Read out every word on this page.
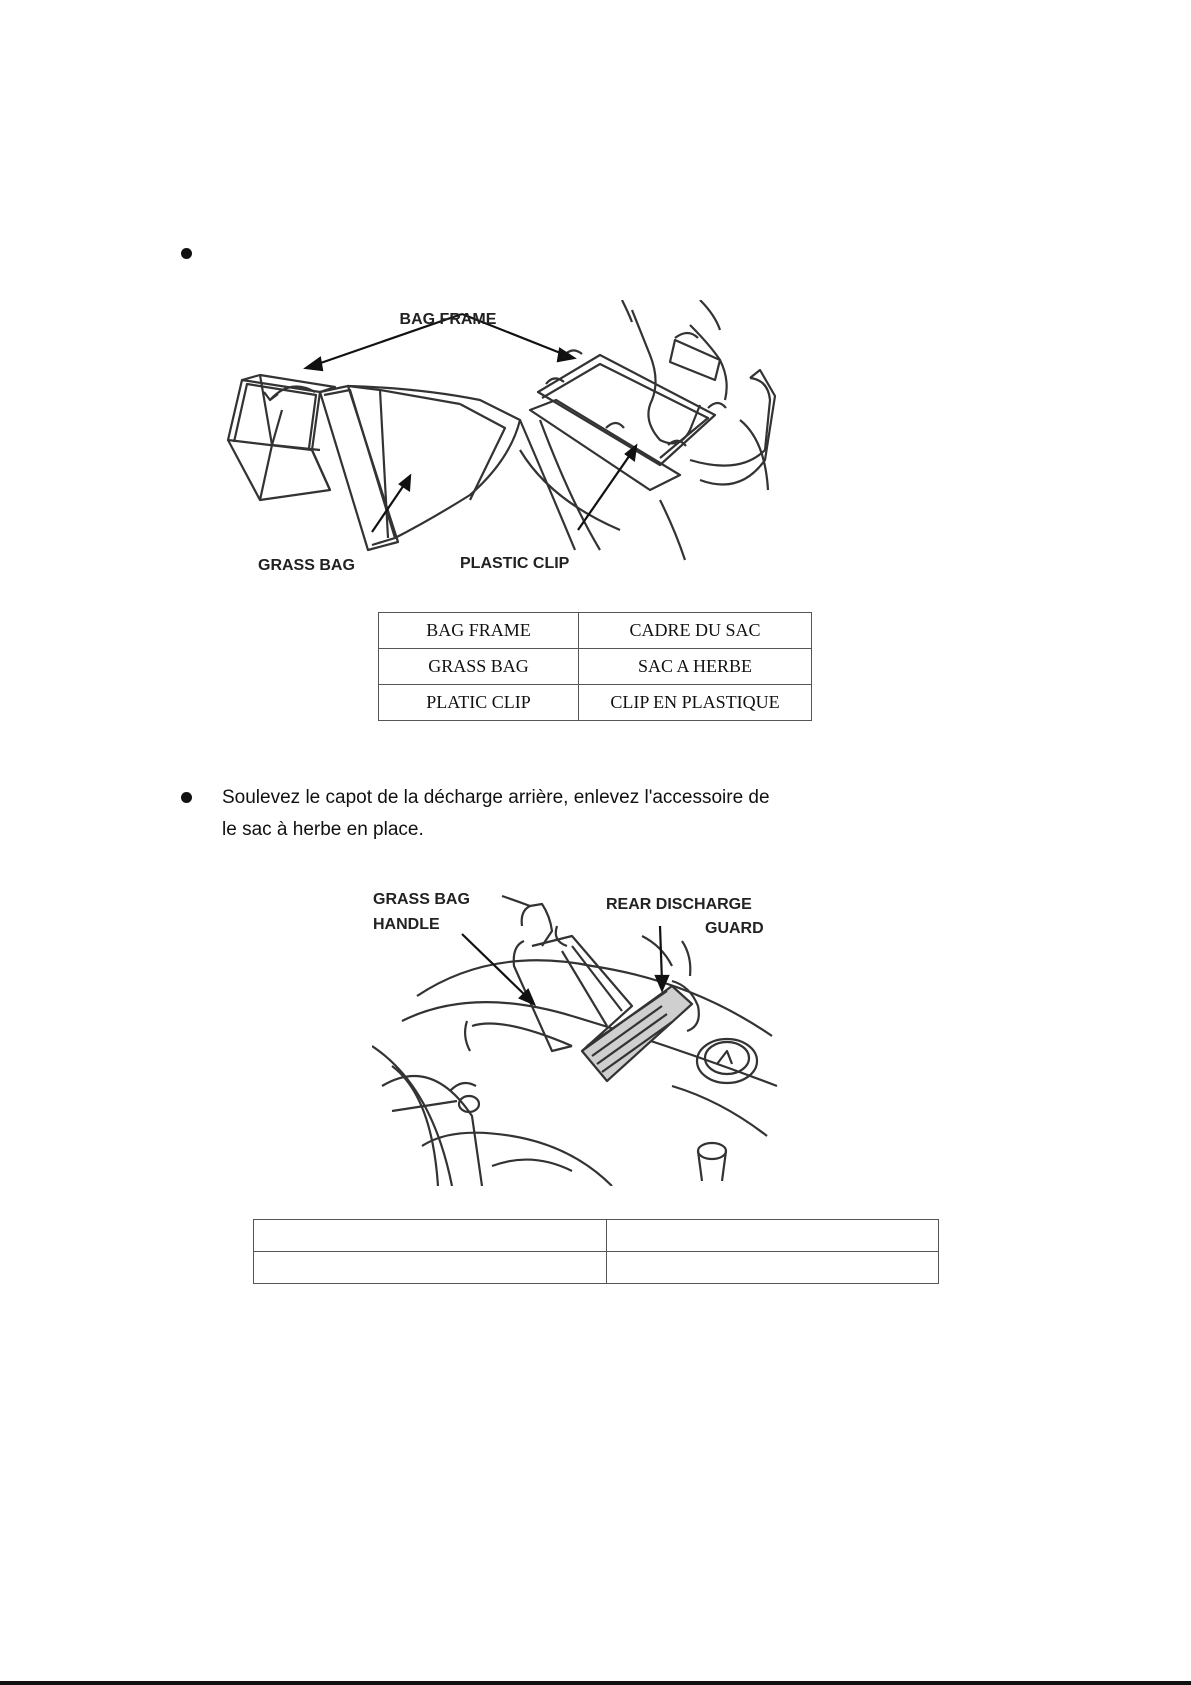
BAG FRAME
GRASS BAG	PLASTIC CLIP
BAG FRAME	CADRE DU SAC
GRASS BAG	SAC A HERBE
PLATIC CLIP	CLIP EN PLASTIQUE
Soulevez le capot de la décharge arrière, enlevez l'accessoire de
le sac à herbe en place.
GRASS BAG
HANDLE
REAR DISCHARGE
GUARD
